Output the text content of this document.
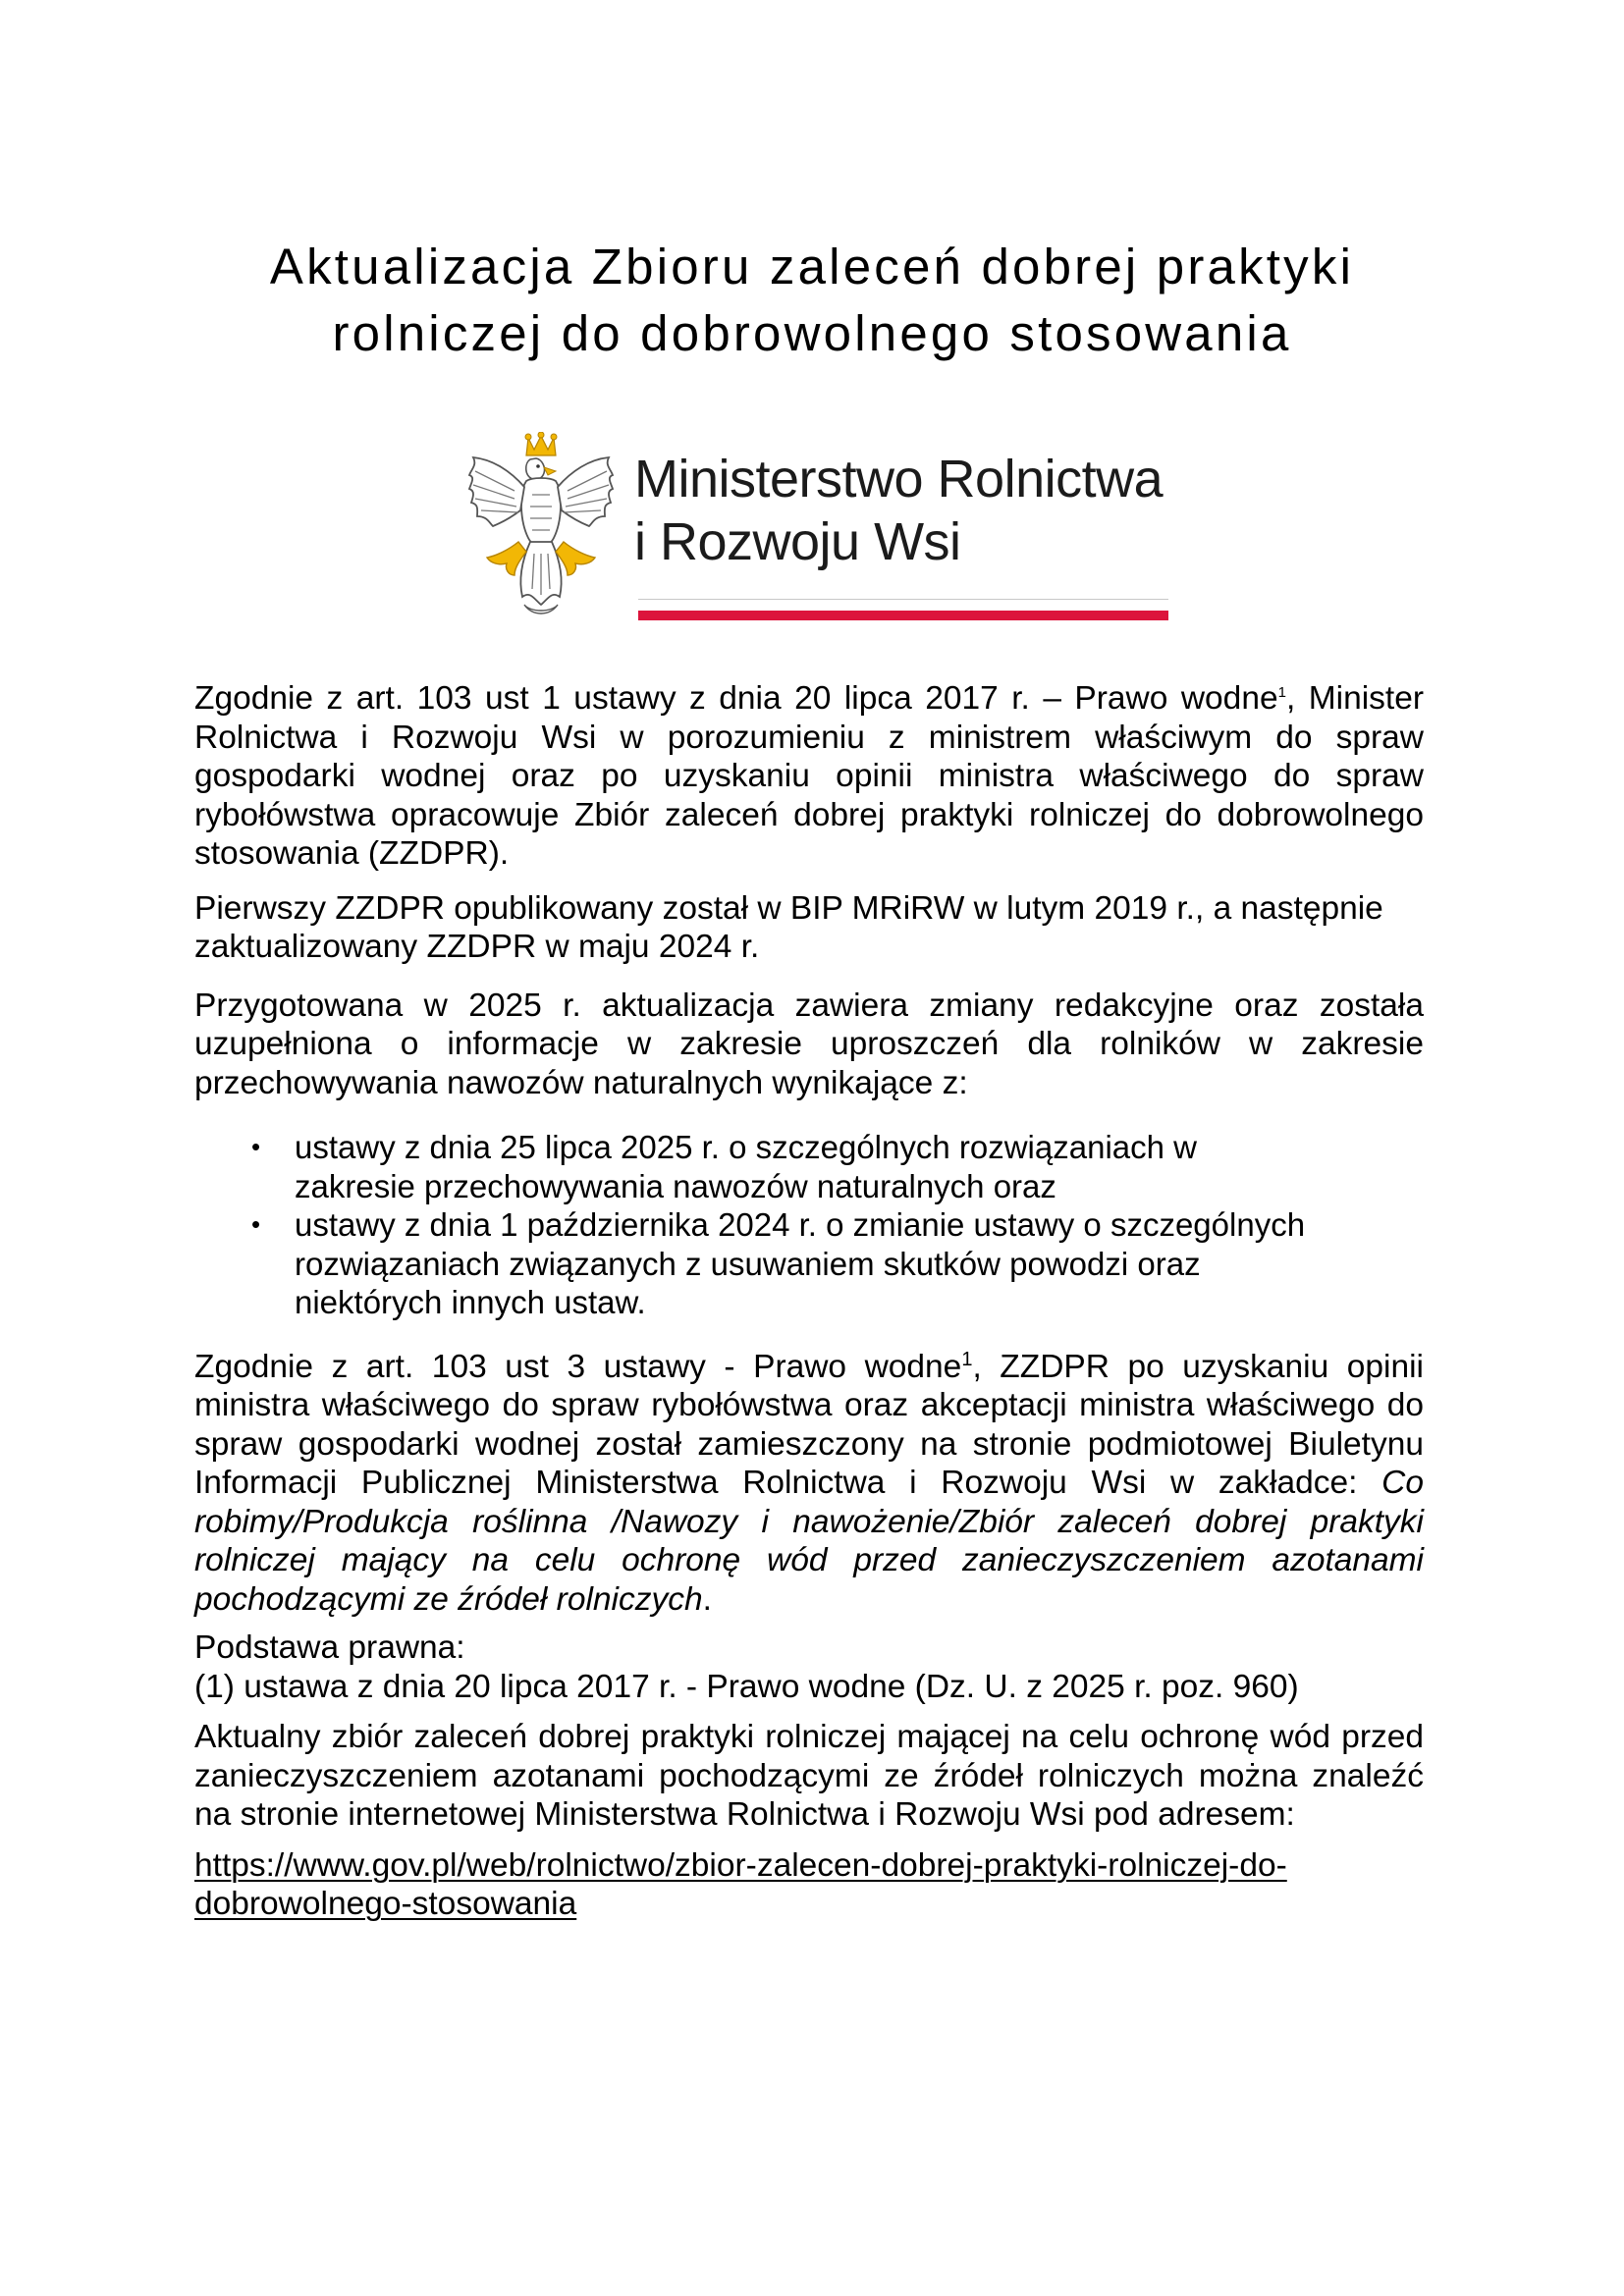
Aktualizacja Zbioru zaleceń dobrej praktyki
rolniczej do dobrowolnego stosowania
Ministerstwo Rolnictwa
i Rozwoju Wsi

Zgodnie z art. 103 ust 1 ustawy z dnia 20 lipca 2017 r. – Prawo wodne$^1$, Minister Rolnictwa i Rozwoju Wsi w porozumieniu z ministrem właściwym do spraw gospodarki wodnej oraz po uzyskaniu opinii ministra właściwego do spraw rybołówstwa opracowuje Zbiór zaleceń dobrej praktyki rolniczej do dobrowolnego stosowania (ZZDPR).

Pierwszy ZZDPR opublikowany został w BIP MRiRW w lutym 2019 r., a następnie zaktualizowany ZZDPR w maju 2024 r.

Przygotowana w 2025 r. aktualizacja zawiera zmiany redakcyjne oraz została uzupełniona o informacje w zakresie uproszczeń dla rolników w zakresie przechowywania nawozów naturalnych wynikające z:

• ustawy z dnia 25 lipca 2025 r. o szczególnych rozwiązaniach w zakresie przechowywania nawozów naturalnych oraz
• ustawy z dnia 1 października 2024 r. o zmianie ustawy o szczególnych rozwiązaniach związanych z usuwaniem skutków powodzi oraz niektórych innych ustaw.

Zgodnie z art. 103 ust 3 ustawy - Prawo wodne$^1$, ZZDPR po uzyskaniu opinii ministra właściwego do spraw rybołówstwa oraz akceptacji ministra właściwego do spraw gospodarki wodnej został zamieszczony na stronie podmiotowej Biuletynu Informacji Publicznej Ministerstwa Rolnictwa i Rozwoju Wsi w zakładce: Co robimy/Produkcja roślinna /Nawozy i nawożenie/Zbiór zaleceń dobrej praktyki rolniczej mający na celu ochronę wód przed zanieczyszczeniem azotanami pochodzącymi ze źródeł rolniczych.

Podstawa prawna:
(1) ustawa z dnia 20 lipca 2017 r. - Prawo wodne (Dz. U. z 2025 r. poz. 960)

Aktualny zbiór zaleceń dobrej praktyki rolniczej mającej na celu ochronę wód przed zanieczyszczeniem azotanami pochodzącymi ze źródeł rolniczych można znaleźć na stronie internetowej Ministerstwa Rolnictwa i Rozwoju Wsi pod adresem:

https://www.gov.pl/web/rolnictwo/zbior-zalecen-dobrej-praktyki-rolniczej-do-dobrowolnego-stosowania
